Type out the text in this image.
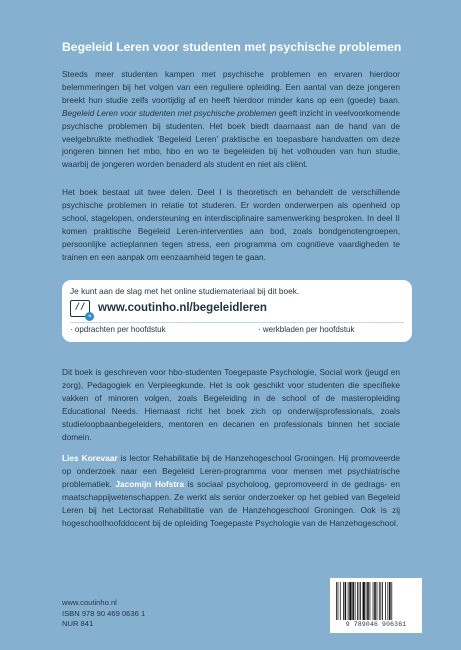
Begeleid Leren voor studenten met psychische problemen

Steeds meer studenten kampen met psychische problemen en ervaren hierdoor belemmeringen bij het volgen van een reguliere opleiding. Een aantal van deze jongeren breekt hun studie zelfs voortijdig af en heeft hierdoor minder kans op een (goede) baan. Begeleid Leren voor studenten met psychische problemen geeft inzicht in veelvoorkomende psychische problemen bij studenten. Het boek biedt daarnaast aan de hand van de veelgebruikte methodiek ‘Begeleid Leren’ praktische en toepasbare handvatten om deze jongeren binnen het mbo, hbo en wo te begeleiden bij het volhouden van hun studie, waarbij de jongeren worden benaderd als student en niet als cliënt.

Het boek bestaat uit twee delen. Deel I is theoretisch en behandelt de verschillende psychische problemen in relatie tot studeren. Er worden onderwerpen als openheid op school, stagelopen, ondersteuning en interdisciplinaire samenwerking besproken. In deel II komen praktische Begeleid Leren-interventies aan bod, zoals bondgenotengroepen, persoonlijke actieplannen tegen stress, een programma om cognitieve vaardigheden te trainen en een aanpak om eenzaamheid tegen te gaan.

Je kunt aan de slag met het online studiemateriaal bij dit boek.
//
➜
www.coutinho.nl/begeleidleren
· opdrachten per hoofdstuk	· werkbladen per hoofdstuk

Dit boek is geschreven voor hbo-studenten Toegepaste Psychologie, Social work (jeugd en zorg), Pedagogiek en Verpleegkunde. Het is ook geschikt voor studenten die specifieke vakken of minoren volgen, zoals Begeleiding in de school of de masteropleiding Educational Needs. Hiernaast richt het boek zich op onderwijsprofessionals, zoals studieloopbaanbegeleiders, mentoren en decanen en professionals binnen het sociale domein.

Lies Korevaar is lector Rehabilitatie bij de Hanzehogeschool Groningen. Hij promoveerde op onderzoek naar een Begeleid Leren-programma voor mensen met psychiatrische problematiek. Jacomijn Hofstra is sociaal psycholoog, gepromoveerd in de gedrags- en maatschappijwetenschappen. Ze werkt als senior onderzoeker op het gebied van Begeleid Leren bij het Lectoraat Rehabilitatie van de Hanzehogeschool Groningen. Ook is zij hogeschoolhoofddocent bij de opleiding Toegepaste Psychologie van de Hanzehogeschool.

www.coutinho.nl
ISBN 978 90 469 0636 1
NUR 841	9 789046 906361
